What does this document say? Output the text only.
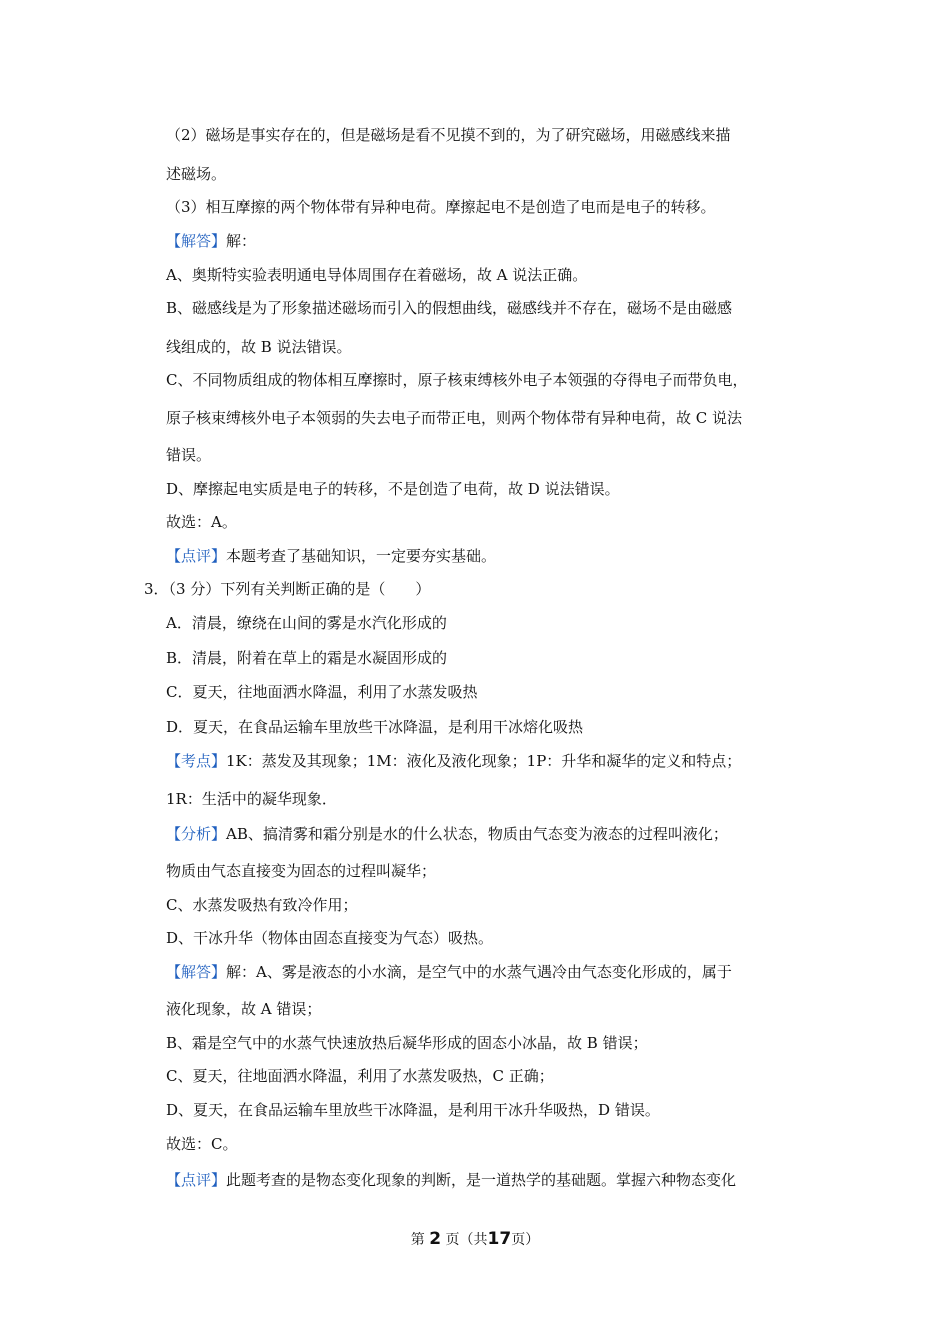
（2）磁场是事实存在的，但是磁场是看不见摸不到的，为了研究磁场，用磁感线来描
述磁场。
（3）相互摩擦的两个物体带有异种电荷。摩擦起电不是创造了电而是电子的转移。
【解答】解：
A、奥斯特实验表明通电导体周围存在着磁场，故 A 说法正确。
B、磁感线是为了形象描述磁场而引入的假想曲线，磁感线并不存在，磁场不是由磁感
线组成的，故 B 说法错误。
C、不同物质组成的物体相互摩擦时，原子核束缚核外电子本领强的夺得电子而带负电，
原子核束缚核外电子本领弱的失去电子而带正电，则两个物体带有异种电荷，故 C 说法
错误。
D、摩擦起电实质是电子的转移，不是创造了电荷，故 D 说法错误。
故选：A。
【点评】本题考查了基础知识，一定要夯实基础。
3．（3 分）下列有关判断正确的是（　　）
A．清晨，缭绕在山间的雾是水汽化形成的
B．清晨，附着在草上的霜是水凝固形成的
C．夏天，往地面洒水降温，利用了水蒸发吸热
D．夏天，在食品运输车里放些干冰降温，是利用干冰熔化吸热
【考点】1K：蒸发及其现象；1M：液化及液化现象；1P：升华和凝华的定义和特点；
1R：生活中的凝华现象．
【分析】AB、搞清雾和霜分别是水的什么状态，物质由气态变为液态的过程叫液化；
物质由气态直接变为固态的过程叫凝华；
C、水蒸发吸热有致冷作用；
D、干冰升华（物体由固态直接变为气态）吸热。
【解答】解：A、雾是液态的小水滴，是空气中的水蒸气遇冷由气态变化形成的，属于
液化现象，故 A 错误；
B、霜是空气中的水蒸气快速放热后凝华形成的固态小冰晶，故 B 错误；
C、夏天，往地面洒水降温，利用了水蒸发吸热，C 正确；
D、夏天，在食品运输车里放些干冰降温，是利用干冰升华吸热，D 错误。
故选：C。
【点评】此题考查的是物态变化现象的判断，是一道热学的基础题。掌握六种物态变化
第 2 页（共17页）
